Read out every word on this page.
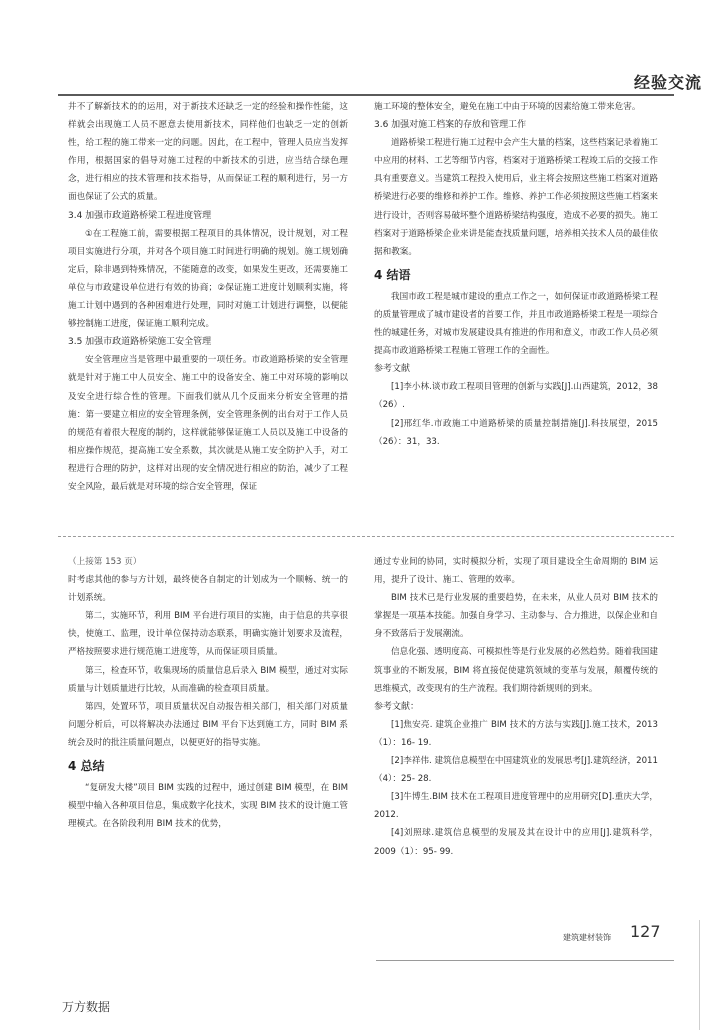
经验交流

井不了解新技术的的运用，对于新技术还缺乏一定的经验和操作性能，这样就会出现施工人员不愿意去使用新技术，同样他们也缺乏一定的创新性，给工程的施工带来一定的问题。因此，在工程中，管理人员应当发挥作用，根据国家的倡导对施工过程的中新技术的引进，应当结合绿色理念，进行相应的技术管理和技术指导，从而保证工程的顺利进行，另一方面也保证了公式的质量。

3.4 加强市政道路桥梁工程进度管理

①在工程施工前，需要根据工程项目的具体情况，设计规划，对工程项目实施进行分项，并对各个项目施工时间进行明确的规划。施工规划确定后，除非遇到特殊情况，不能随意的改变，如果发生更改，还需要施工单位与市政建设单位进行有效的协商；②保证施工进度计划顺利实施，将施工计划中遇到的各种困难进行处理，同时对施工计划进行调整，以便能够控制施工进度，保证施工顺利完成。

3.5 加强市政道路桥梁施工安全管理

安全管理应当是管理中最重要的一项任务。市政道路桥梁的安全管理就是针对于施工中人员安全、施工中的设备安全、施工中对环境的影响以及安全进行综合性的管理。下面我们就从几个反面来分析安全管理的措施：第一要建立相应的安全管理条例，安全管理条例的出台对于工作人员的规范有着很大程度的制约，这样就能够保证施工人员以及施工中设备的相应操作规范，提高施工安全系数，其次就是从施工安全防护入手，对工程进行合理的防护，这样对出现的安全情况进行相应的防治，减少了工程安全风险，最后就是对环境的综合安全管理，保证

施工环境的整体安全，避免在施工中由于环境的因素给施工带来危害。

3.6 加强对施工档案的存放和管理工作

道路桥梁工程进行施工过程中会产生大量的档案，这些档案记录着施工中应用的材料、工艺等细节内容，档案对于道路桥梁工程竣工后的交接工作具有重要意义。当建筑工程投入使用后，业主将会按照这些施工档案对道路桥梁进行必要的维修和养护工作。维修、养护工作必须按照这些施工档案来进行设计，否则容易破坏整个道路桥梁结构强度，造成不必要的损失。施工档案对于道路桥梁企业来讲是能查找质量问题，培养相关技术人员的最佳依据和教案。

4 结语

我国市政工程是城市建设的重点工作之一，如何保证市政道路桥梁工程的质量管理成了城市建设者的首要工作，并且市政道路桥梁工程是一项综合性的城建任务，对城市发展建设具有推进的作用和意义，市政工作人员必须提高市政道路桥梁工程施工管理工作的全面性。

参考文献

[1]李小林.谈市政工程项目管理的创新与实践[J].山西建筑，2012，38（26）.

[2]邢红华.市政施工中道路桥梁的质量控制措施[J].科技展望，2015（26）：31，33.

（上接第 153 页）

时考虑其他的参与方计划，最终使各自制定的计划成为一个顺畅、统一的计划系统。

第二，实施环节，利用 BIM 平台进行项目的实施，由于信息的共享很快，使施工、监理，设计单位保持动态联系，明确实施计划要求及流程，严格按照要求进行规范施工进度等，从而保证项目质量。

第三，检查环节，收集现场的质量信息后录入 BIM 模型，通过对实际质量与计划质量进行比较，从而准确的检查项目质量。

第四，处置环节，项目质量状况自动报告相关部门，相关部门对质量问题分析后，可以将解决办法通过 BIM 平台下达到施工方，同时 BIM 系统会及时的批注质量问题点，以便更好的指导实施。

4 总结

“复研发大楼”项目 BIM 实践的过程中，通过创建 BIM 模型，在 BIM 模型中输入各种项目信息，集成数字化技术，实现 BIM 技术的设计施工管理模式。在各阶段利用 BIM 技术的优势，

通过专业间的协同，实时模拟分析，实现了项目建设全生命周期的 BIM 运用，提升了设计、施工、管理的效率。

BIM 技术已是行业发展的重要趋势，在未来，从业人员对 BIM 技术的掌握是一项基本技能。加强自身学习、主动参与、合力推进，以保企业和自身不致落后于发展潮流。

信息化强、透明度高、可模拟性等是行业发展的必然趋势。随着我国建筑事业的不断发展，BIM 将直接促使建筑领域的变革与发展，颠覆传统的思维模式，改变现有的生产流程。我们期待新规则的到来。

参考文献：

[1]焦安亮. 建筑企业推广 BIM 技术的方法与实践[J].施工技术，2013（1）：16- 19.

[2]李祥伟. 建筑信息模型在中国建筑业的发展思考[J].建筑经济，2011（4）：25- 28.

[3]牛博生.BIM 技术在工程项目进度管理中的应用研究[D].重庆大学，2012.

[4]刘照球.建筑信息模型的发展及其在设计中的应用[J].建筑科学，2009（1）：95- 99.

建筑建材装饰 127
万方数据
